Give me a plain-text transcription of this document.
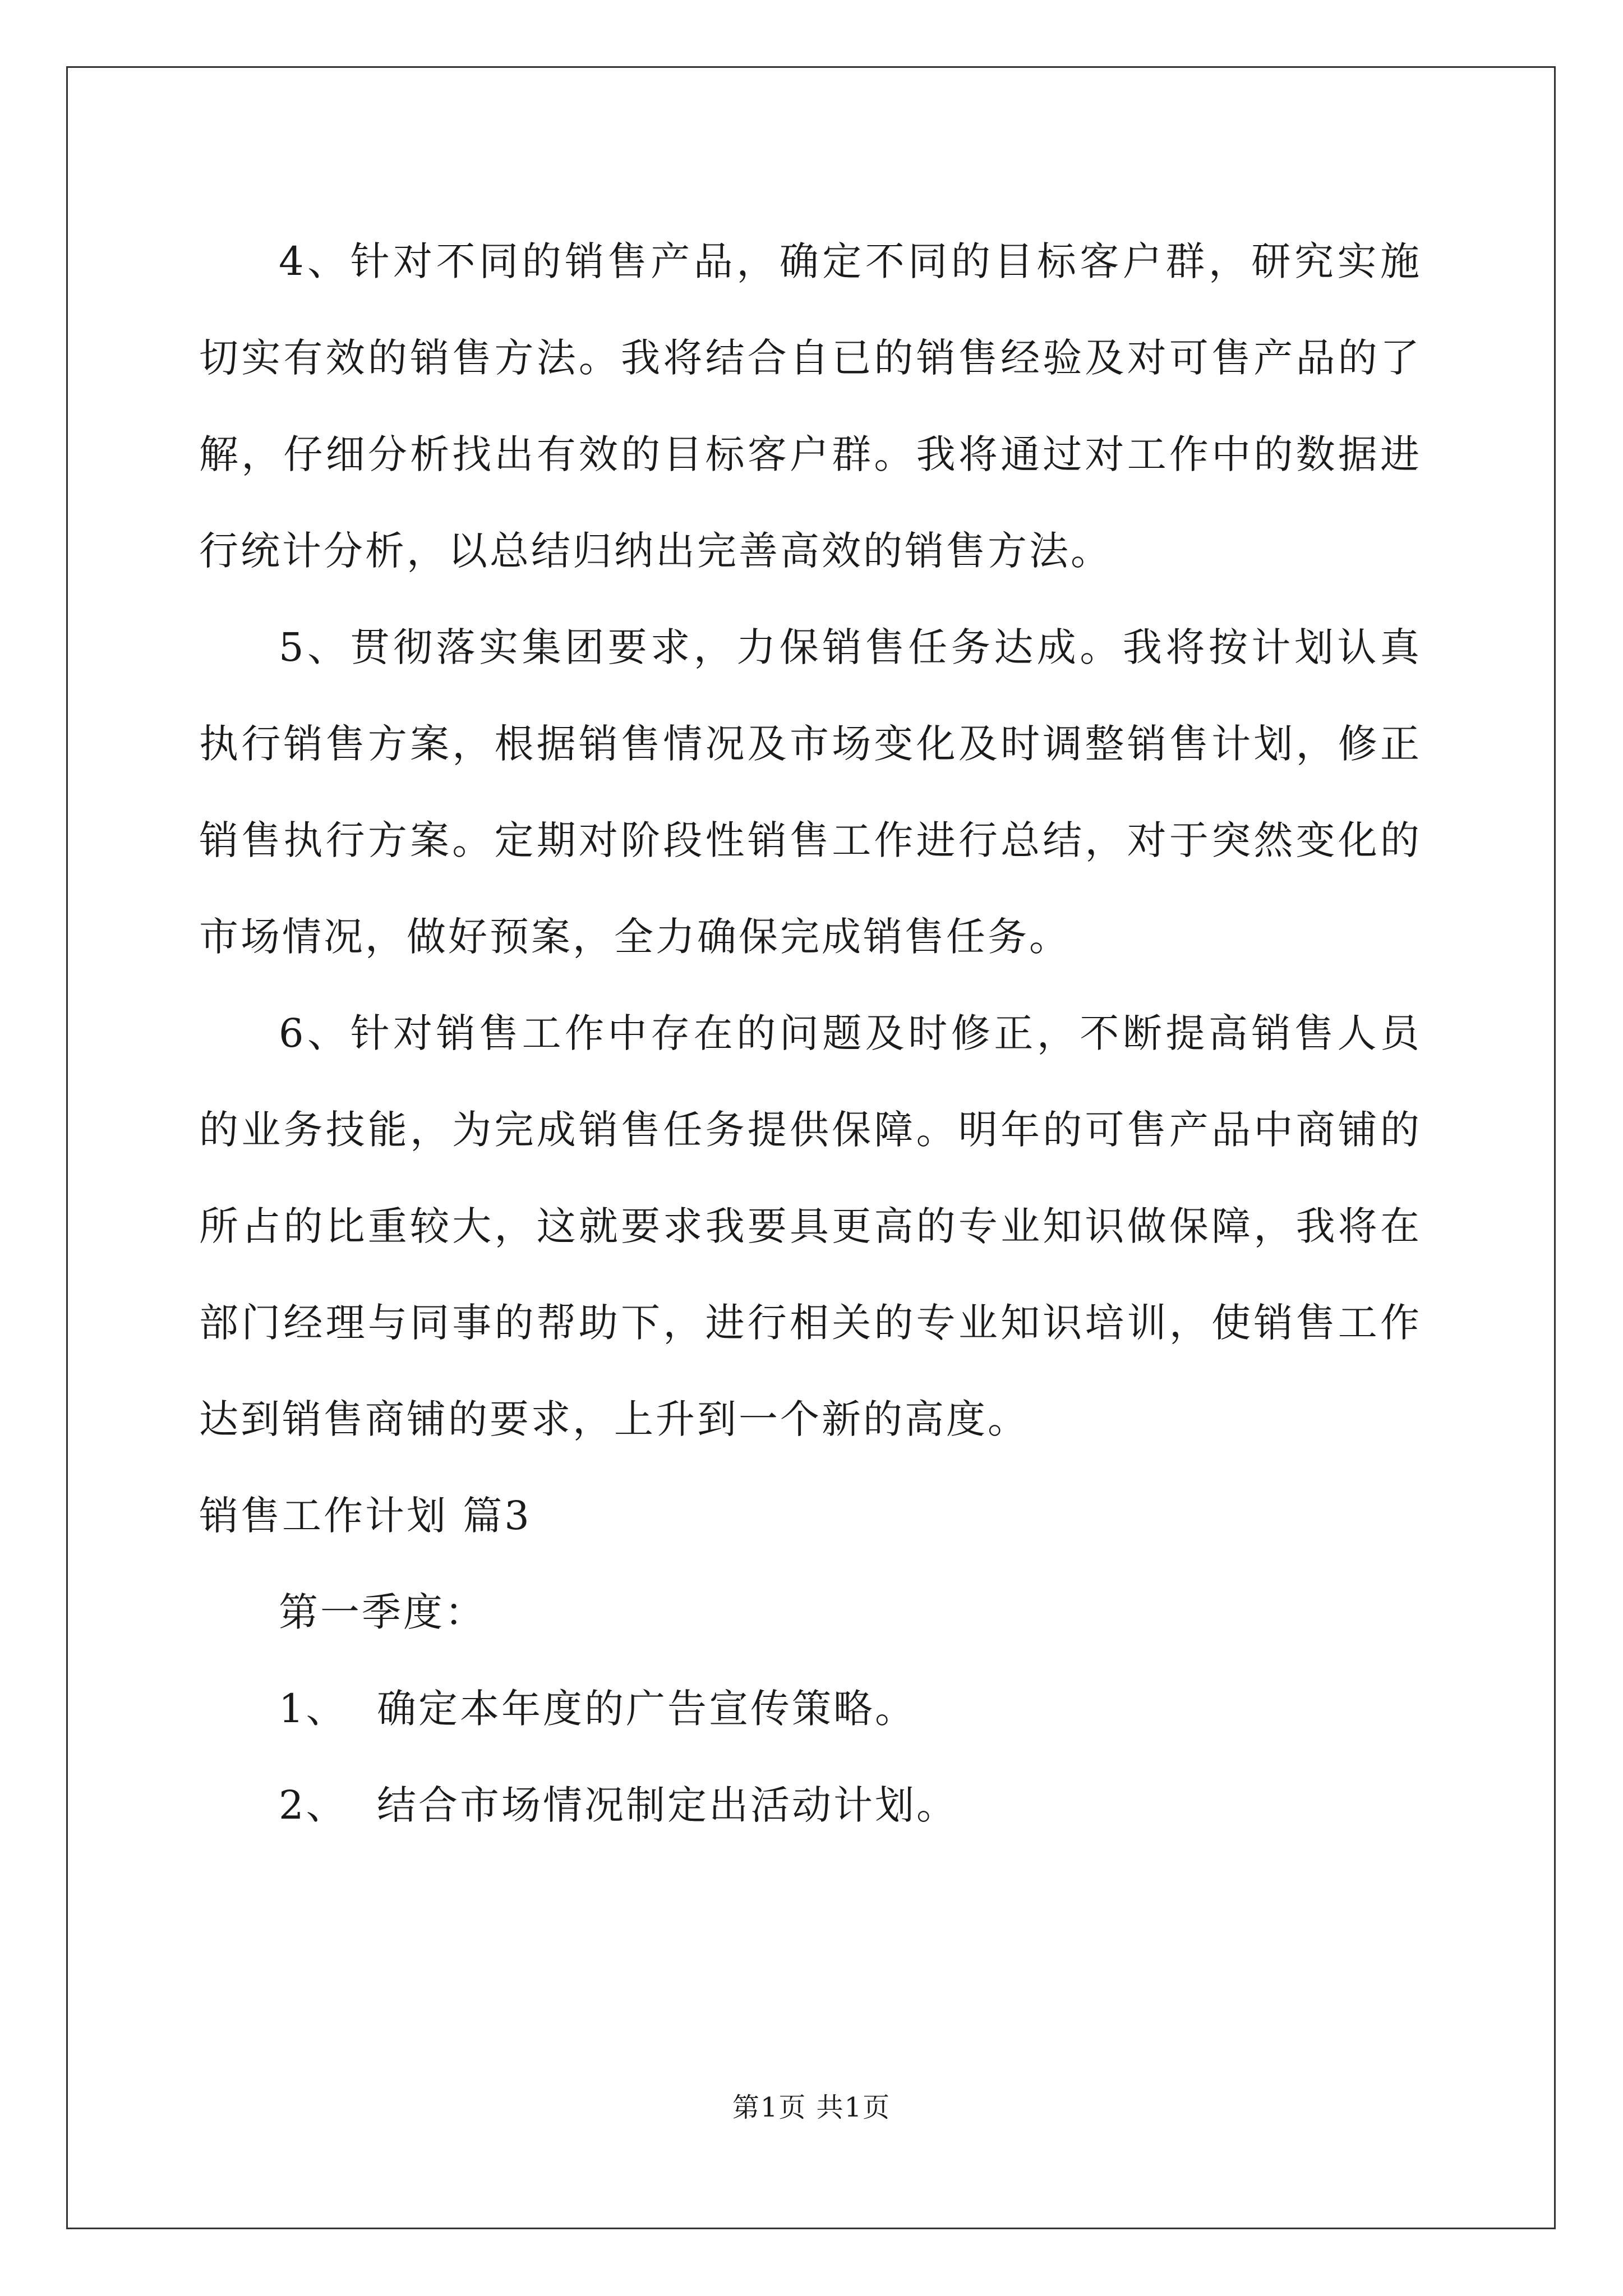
4、针对不同的销售产品，确定不同的目标客户群，研究实施切实有效的销售方法。我将结合自已的销售经验及对可售产品的了解，仔细分析找出有效的目标客户群。我将通过对工作中的数据进行统计分析，以总结归纳出完善高效的销售方法。

5、贯彻落实集团要求，力保销售任务达成。我将按计划认真执行销售方案，根据销售情况及市场变化及时调整销售计划，修正销售执行方案。定期对阶段性销售工作进行总结，对于突然变化的市场情况，做好预案，全力确保完成销售任务。

6、针对销售工作中存在的问题及时修正，不断提高销售人员的业务技能，为完成销售任务提供保障。明年的可售产品中商铺的所占的比重较大，这就要求我要具更高的专业知识做保障，我将在部门经理与同事的帮助下，进行相关的专业知识培训，使销售工作达到销售商铺的要求，上升到一个新的高度。

销售工作计划 篇3

第一季度：

1、  确定本年度的广告宣传策略。

2、  结合市场情况制定出活动计划。

第1页 共1页
